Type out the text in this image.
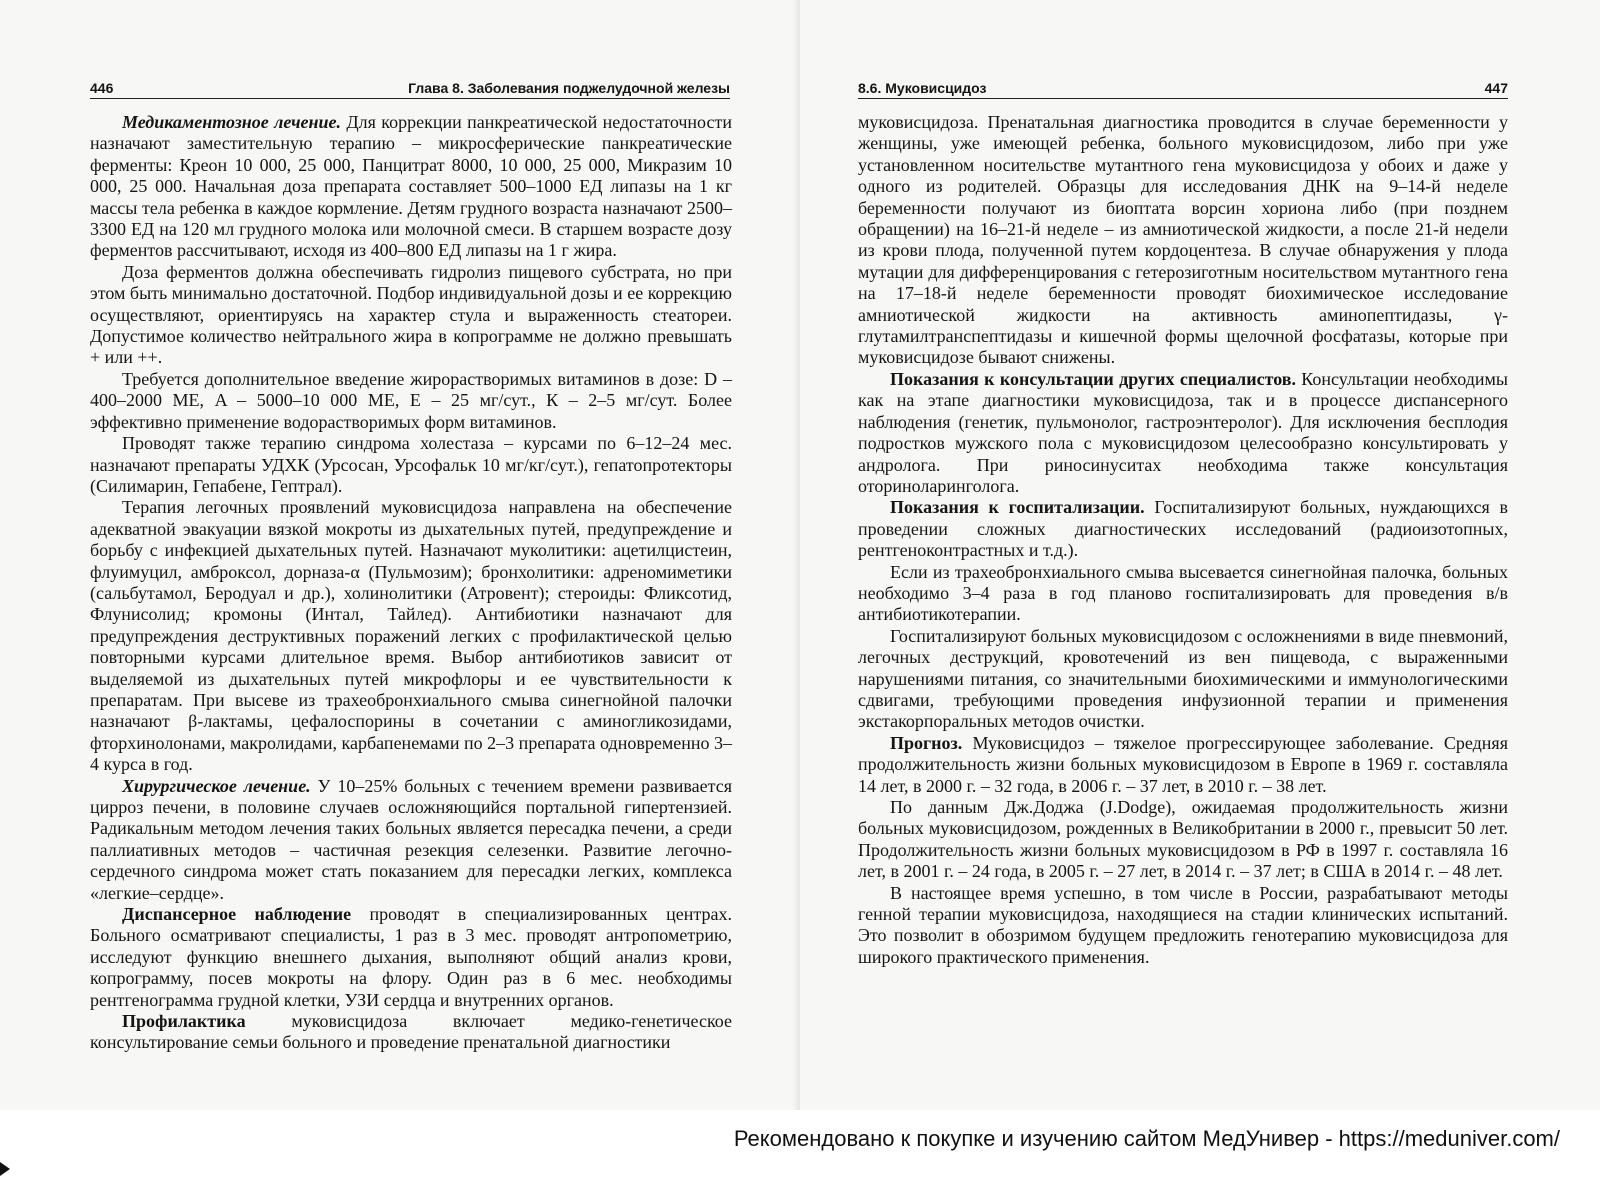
446	Глава 8. Заболевания поджелудочной железы

Медикаментозное лечение. Для коррекции панкреатической недостаточности назначают заместительную терапию – микросферические панкреатические ферменты: Креон 10 000, 25 000, Панцитрат 8000, 10 000, 25 000, Микразим 10 000, 25 000. Начальная доза препарата составляет 500–1000 ЕД липазы на 1 кг массы тела ребенка в каждое кормление. Детям грудного возраста назначают 2500–3300 ЕД на 120 мл грудного молока или молочной смеси. В старшем возрасте дозу ферментов рассчитывают, исходя из 400–800 ЕД липазы на 1 г жира.

Доза ферментов должна обеспечивать гидролиз пищевого субстрата, но при этом быть минимально достаточной. Подбор индивидуальной дозы и ее коррекцию осуществляют, ориентируясь на характер стула и выраженность стеатореи. Допустимое количество нейтрального жира в копрограмме не должно превышать + или ++.

Требуется дополнительное введение жирорастворимых витаминов в дозе: D – 400–2000 МЕ, A – 5000–10 000 МЕ, E – 25 мг/сут., К – 2–5 мг/сут. Более эффективно применение водорастворимых форм витаминов.

Проводят также терапию синдрома холестаза – курсами по 6–12–24 мес. назначают препараты УДХК (Урсосан, Урсофальк 10 мг/кг/сут.), гепатопротекторы (Силимарин, Гепабене, Гептрал).

Терапия легочных проявлений муковисцидоза направлена на обеспечение адекватной эвакуации вязкой мокроты из дыхательных путей, предупреждение и борьбу с инфекцией дыхательных путей. Назначают муколитики: ацетилцистеин, флуимуцил, амброксол, дорназа-α (Пульмозим); бронхолитики: адреномиметики (сальбутамол, Беродуал и др.), холинолитики (Атровент); стероиды: Фликсотид, Флунисолид; кромоны (Интал, Тайлед). Антибиотики назначают для предупреждения деструктивных поражений легких с профилактической целью повторными курсами длительное время. Выбор антибиотиков зависит от выделяемой из дыхательных путей микрофлоры и ее чувствительности к препаратам. При высеве из трахеобронхиального смыва синегнойной палочки назначают β-лактамы, цефалоспорины в сочетании с аминогликозидами, фторхинолонами, макролидами, карбапенемами по 2–3 препарата одновременно 3–4 курса в год.

Хирургическое лечение. У 10–25% больных с течением времени развивается цирроз печени, в половине случаев осложняющийся портальной гипертензией. Радикальным методом лечения таких больных является пересадка печени, а среди паллиативных методов – частичная резекция селезенки. Развитие легочно-сердечного синдрома может стать показанием для пересадки легких, комплекса «легкие–сердце».

Диспансерное наблюдение проводят в специализированных центрах. Больного осматривают специалисты, 1 раз в 3 мес. проводят антропометрию, исследуют функцию внешнего дыхания, выполняют общий анализ крови, копрограмму, посев мокроты на флору. Один раз в 6 мес. необходимы рентгенограмма грудной клетки, УЗИ сердца и внутренних органов.

Профилактика муковисцидоза включает медико-генетическое консультирование семьи больного и проведение пренатальной диагностики

8.6. Муковисцидоз	447

муковисцидоза. Пренатальная диагностика проводится в случае беременности у женщины, уже имеющей ребенка, больного муковисцидозом, либо при уже установленном носительстве мутантного гена муковисцидоза у обоих и даже у одного из родителей. Образцы для исследования ДНК на 9–14-й неделе беременности получают из биоптата ворсин хориона либо (при позднем обращении) на 16–21-й неделе – из амниотической жидкости, а после 21-й недели из крови плода, полученной путем кордоцентеза. В случае обнаружения у плода мутации для дифференцирования с гетерозиготным носительством мутантного гена на 17–18-й неделе беременности проводят биохимическое исследование амниотической жидкости на активность аминопептидазы, γ-глутамилтранспептидазы и кишечной формы щелочной фосфатазы, которые при муковисцидозе бывают снижены.

Показания к консультации других специалистов. Консультации необходимы как на этапе диагностики муковисцидоза, так и в процессе диспансерного наблюдения (генетик, пульмонолог, гастроэнтеролог). Для исключения бесплодия подростков мужского пола с муковисцидозом целесообразно консультировать у андролога. При риносинуситах необходима также консультация оториноларинголога.

Показания к госпитализации. Госпитализируют больных, нуждающихся в проведении сложных диагностических исследований (радиоизотопных, рентгеноконтрастных и т.д.).

Если из трахеобронхиального смыва высевается синегнойная палочка, больных необходимо 3–4 раза в год планово госпитализировать для проведения в/в антибиотикотерапии.

Госпитализируют больных муковисцидозом с осложнениями в виде пневмоний, легочных деструкций, кровотечений из вен пищевода, с выраженными нарушениями питания, со значительными биохимическими и иммунологическими сдвигами, требующими проведения инфузионной терапии и применения экстакорпоральных методов очистки.

Прогноз. Муковисцидоз – тяжелое прогрессирующее заболевание. Средняя продолжительность жизни больных муковисцидозом в Европе в 1969 г. составляла 14 лет, в 2000 г. – 32 года, в 2006 г. – 37 лет, в 2010 г. – 38 лет.

По данным Дж.Доджа (J.Dodge), ожидаемая продолжительность жизни больных муковисцидозом, рожденных в Великобритании в 2000 г., превысит 50 лет. Продолжительность жизни больных муковисцидозом в РФ в 1997 г. составляла 16 лет, в 2001 г. – 24 года, в 2005 г. – 27 лет, в 2014 г. – 37 лет; в США в 2014 г. – 48 лет.

В настоящее время успешно, в том числе в России, разрабатывают методы генной терапии муковисцидоза, находящиеся на стадии клинических испытаний. Это позволит в обозримом будущем предложить генотерапию муковисцидоза для широкого практического применения.

Рекомендовано к покупке и изучению сайтом МедУнивер - https://meduniver.com/
